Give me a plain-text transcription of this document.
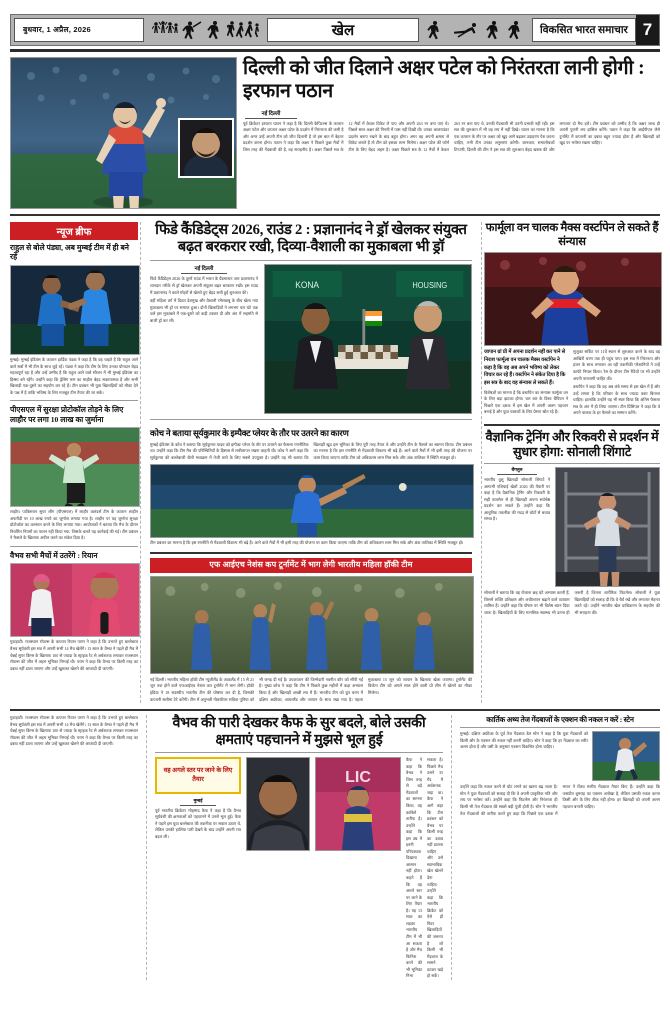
बुधवार, 1 अप्रैल, 2026	खेल	विकसित भारत समाचार 7
दिल्ली को जीत दिलाने अक्षर पटेल को निरंतरता लानी होगी : इरफान पठान
नई दिल्ली
पूर्व क्रिकेटर इरफान पठान ने कहा है कि दिल्ली कैपिटल्स के कप्तान अक्षर पटेल और कप्तान अक्षर पटेल के प्रदर्शन में निरंतरता की कमी है और अगर उन्हें अपनी टीम को जीत दिलानी है तो इस बात में बेहतर प्रदर्शन करना होगा। पठान ने कहा कि अक्षर ने पिछले कुछ मैचों में जिस तरह की गेंदबाजी की है, वह सराहनीय है। अक्षर पिछले सत्र के 12 मैचों में केवल विकेट ले पाए और अपनी 263 रन बना पाए थे। पिछले साल अक्षर की गिनती में पास नहीं दिखी थी। उनका आलराउंडर प्रदर्शन बनाए रखने के बाद बहुत होगा। अगर वह अपनी क्षमता से विकेट बनाते हैं तो टीम को इसका लाभ मिलेगा। अक्षर पटेल की फॉर्म टीम के लिए बेहद अहम है। अक्षर पिछले सत्र के 12 मैचों में केवल 263 रन बना पाए थे, उनकी गेंदबाजी भी उतनी प्रभावी नहीं रही। इस सत्र की शुरुआत में भी वह लय में नहीं दिखे। पठान का मानना है कि एक कप्तान के तौर पर अक्षर को खुद आगे बढ़कर उदाहरण पेश करना चाहिए, तभी टीम उनका अनुसरण करेगी। जानकार, समालोचकों टिप्पणी, दिल्ली की टीम ने इस सत्र की शुरुआत बेहद खराब की और लगातार दो मैच हारे। टीम प्रबंधन को उम्मीद है कि अक्षर जल्द ही अपनी पुरानी लय हासिल करेंगे। पठान ने कहा कि आईपीएल जैसे टूर्नामेंट में कप्तानी का दबाव बहुत ज्यादा होता है और खिलाड़ी को खुद पर भरोसा रखना चाहिए।
न्यूज ब्रीफ
राहुल से बोले पंड्या, अब मुम्बई टीम में ही बने रहें
मुम्बई। मुम्बई इंडियंस के कप्तान हार्दिक पंड्या ने कहा है कि वह चाहते हैं कि राहुल आने वाले सत्रों में भी टीम के साथ जुड़े रहें। पंड्या ने कहा कि टीम के लिए उनका योगदान बेहद महत्वपूर्ण रहा है और उन्हें उम्मीद है कि राहुल आने वाले सीजन में भी मुम्बई इंडियंस का हिस्सा बने रहेंगे। उन्होंने कहा कि ड्रेसिंग रूम का माहौल बेहद सकारात्मक है और सभी खिलाड़ी एक-दूसरे का सहयोग कर रहे हैं। टीम प्रबंधन भी युवा खिलाड़ियों को मौका देने के पक्ष में है ताकि भविष्य के लिए मजबूत टीम तैयार की जा सके।
पीएसएल में सुरक्षा प्रोटोकॉल तोड़ने के लिए लाहौर पर लगा 10 लाख का जुर्माना
लाहौर। पाकिस्तान सुपर लीग (पीएसएल) में लाहौर कलंदर्स टीम के कप्तान शाहीन अफरीदी पर 10 लाख रुपये का जुर्माना लगाया गया है। शाहीन पर यह जुर्माना सुरक्षा प्रोटोकॉल का उल्लंघन करने के लिए लगाया गया। आयोजकों ने बताया कि मैच के दौरान निर्धारित नियमों का पालन नहीं किया गया, जिसके चलते यह कार्रवाई की गई। टीम प्रबंधन ने फैसले के खिलाफ अपील करने का संकेत दिया है।
वैभव सभी मैचों में उतरेंगे : रियान
गुवाहाटी। राजस्थान रॉयल्स के कप्तान रियान पराग ने कहा है कि उभरते हुए बल्लेबाज वैभव सूर्यवंशी इस सत्र में अपनी सभी 14 मैच खेलेंगे। 13 साल के वैभव ने पहले ही मैच में चेन्नई सुपर किंग्स के खिलाफ 100 से ज्यादा के स्ट्राइक रेट से अर्धशतक लगाकर राजस्थान रॉयल्स की जीत में अहम भूमिका निभाई थी। पराग ने कहा कि वैभव पर किसी तरह का दबाव नहीं डाला जाएगा और उन्हें खुलकर खेलने की आजादी दी जाएगी।
फिडे कैंडिडेट्स 2026, राउंड 2 : प्रज्ञानानंद ने ड्रॉ खेलकर संयुक्त बढ़त बरकरार रखी, दिव्या-वैशाली का मुकाबला भी ड्रॉ
नई दिल्ली
फिडे कैंडिडेट्स 2026 के दूसरे राउंड में भारत के ग्रैंडमास्टर आर प्रज्ञानानंद ने शानदार तरीके से ड्रॉ खेलकर अपनी संयुक्त बढ़त बरकरार रखी। इस राउंड में प्रज्ञानानंद ने काले मोहरों से खेलते हुए बेहद सधी हुई शुरुआत की।
वहीं महिला वर्ग में दिव्या देशमुख और वैशाली रमेशबाबू के बीच खेला गया मुकाबला भी ड्रॉ पर समाप्त हुआ। दोनों खिलाड़ियों ने लगभग चार घंटे तक चले इस मुकाबले में एक-दूसरे को कड़ी टक्कर दी और अंत में सहमति से बाजी ड्रॉ कर ली।
KONA	HOUSING
कोच ने बताया सूर्यकुमार के इम्पैक्ट प्लेयर के तौर पर उतरने का कारण
मुम्बई इंडियंस के कोच ने बताया कि सूर्यकुमार यादव को इम्पैक्ट प्लेयर के तौर पर उतारने का फैसला रणनीतिक था। उन्होंने कहा कि टीम मैच की परिस्थितियों के हिसाब से लचीलापन रखना चाहती थी। कोच ने आगे कहा कि सूर्यकुमार की बल्लेबाजी शैली मध्यक्रम में तेजी लाने के लिए सबसे उपयुक्त है। उन्होंने यह भी बताया कि खिलाड़ी खुद इस भूमिका के लिए पूरी तरह तैयार थे और उन्होंने टीम के फैसले का स्वागत किया। टीम प्रबंधन का मानना है कि इस रणनीति से गेंदबाजी विकल्प भी बढ़े हैं। आने वाले मैचों में भी इसी तरह की योजना पर काम किया जाएगा ताकि टीम को अधिकतम लाभ मिल सके और अंक तालिका में स्थिति मजबूत हो।
टीम प्रबंधन का मानना है कि इस रणनीति से गेंदबाजी विकल्प भी बढ़े हैं। आने वाले मैचों में भी इसी तरह की योजना पर काम किया जाएगा ताकि टीम को अधिकतम लाभ मिल सके और अंक तालिका में स्थिति मजबूत हो।
एफ आईएच नेशंस कप टूर्नामेंट में भाग लेगी भारतीय महिला हॉकी टीम
नई दिल्ली। भारतीय महिला हॉकी टीम न्यूजीलैंड के आकलैंड में 15 से 21 जून तक होने वाले एफआईएच नेशंस कप टूर्नामेंट में भाग लेगी। हॉकी इंडिया ने 18 सदस्यीय भारतीय टीम की घोषणा कर दी है, जिसकी कप्तानी सलीमा टेटे करेंगी। टीम में अनुभवी गोलकीपर सविता पूनिया को भी जगह दी गई है। उपकप्तान की जिम्मेदारी नवनीत कौर को सौंपी गई है। मुख्य कोच ने कहा कि टीम ने पिछले कुछ महीनों में कड़ा अभ्यास किया है और खिलाड़ी अच्छी लय में हैं। भारतीय टीम को ग्रुप चरण में दक्षिण अफ्रीका, आयरलैंड और जापान के साथ रखा गया है। पहला मुकाबला 15 जून को जापान के खिलाफ खेला जाएगा। टूर्नामेंट की विजेता टीम को अगले साल होने वाली प्रो लीग में खेलने का मौका मिलेगा।
फार्मूला वन चालक मैक्स वर्स्टापेन ले सकते हैं संन्यास
जापान ग्रां प्री में अपना प्रदर्शन नहीं कर पाने से निराश फार्मूला वन चालक मैक्स वर्स्टापेन ने कहा है कि वह अब अपने भविष्य को लेकर विचार कर रहे हैं। वर्स्टापेन ने संकेत दिया है कि इस सत्र के बाद वह संन्यास ले सकते हैं।
विशेषज्ञों का मानना है कि वर्स्टापेन का संन्यास फार्मूला वन के लिए बड़ा झटका होगा। चार बार के विश्व चैंपियन ने पिछले एक दशक में इस खेल में अपनी अलग पहचान बनाई है और युवा चालकों के लिए प्रेरणा स्रोत रहे हैं।
सुजुका सर्किट पर 11वें स्थान से शुरुआत करने के बाद वह आखिरी चरण तक ही पहुंच पाए। इस सत्र में निरंतरता और इंजन के साथ लगातार आ रही तकनीकी परेशानियों ने उन्हें काफी निराश किया। रेस के दौरान टीम रेडियो पर भी उन्होंने अपनी नाराजगी जाहिर की।
वर्स्टापेन ने कहा कि वह अब लंबे समय से इस खेल में हैं और उन्हें लगता है कि परिवार के साथ ज्यादा वक्त बिताना चाहिए। हालांकि उन्होंने यह भी स्पष्ट किया कि अंतिम फैसला सत्र के अंत में ही लिया जाएगा। टीम प्रिंसिपल ने कहा कि वे अपने चालक के हर फैसले का सम्मान करेंगे।
वैज्ञानिक ट्रेनिंग और रिकवरी से प्रदर्शन में सुधार होगा: सोनाली शिंगाटे
बेंगलुरु
भारतीय वुशू खिलाड़ी सोनाली शिंगाटे ने आगामी एशियाई खेलों 2026 की तैयारी पर कहा है कि वैज्ञानिक ट्रेनिंग और रिकवरी के सही तालमेल से ही खिलाड़ी अपना सर्वश्रेष्ठ प्रदर्शन कर सकते हैं। उन्होंने कहा कि आधुनिक तकनीक की मदद से चोटों से बचाव संभव है।
सोनाली ने बताया कि वह रोजाना छह घंटे अभ्यास करती हैं, जिसमें शक्ति प्रशिक्षण और लचीलापन बढ़ाने वाले व्यायाम शामिल हैं। उन्होंने कहा कि पोषण पर भी विशेष ध्यान दिया जाता है। खिलाड़ियों के लिए मानसिक स्वास्थ्य भी उतना ही जरूरी है जितना शारीरिक फिटनेस। सोनाली ने युवा खिलाड़ियों को सलाह दी कि वे धैर्य रखें और लगातार मेहनत करते रहें। उन्होंने भारतीय खेल प्राधिकरण के सहयोग की भी सराहना की।
गुवाहाटी। राजस्थान रॉयल्स के कप्तान रियान पराग ने कहा है कि उभरते हुए बल्लेबाज वैभव सूर्यवंशी इस सत्र में अपनी सभी 14 मैच खेलेंगे। 13 साल के वैभव ने पहले ही मैच में चेन्नई सुपर किंग्स के खिलाफ 100 से ज्यादा के स्ट्राइक रेट से अर्धशतक लगाकर राजस्थान रॉयल्स की जीत में अहम भूमिका निभाई थी। पराग ने कहा कि वैभव पर किसी तरह का दबाव नहीं डाला जाएगा और उन्हें खुलकर खेलने की आजादी दी जाएगी।
वैभव की पारी देखकर कैफ के सुर बदले, बोले उसकी क्षमताएं पहचानने में मुझसे भूल हुई
वह अगले स्तर पर जाने के लिए तैयार
मुम्बई
पूर्व भारतीय क्रिकेटर मोहम्मद कैफ ने कहा है कि वैभव सूर्यवंशी की क्षमताओं को पहचानने में उनसे भूल हुई। कैफ ने पहले इस युवा बल्लेबाज की तकनीक पर सवाल उठाए थे, लेकिन उनकी हालिया पारी देखने के बाद उन्होंने अपनी राय बदल ली।
LIC
कैफ ने कहा कि वैभव ने जिस तरह से बड़े गेंदबाजों का सामना किया, वह काबिले तारीफ है। उन्होंने कहा कि इस उम्र में इतनी परिपक्वता दिखाना आसान नहीं होता। कहते हैं कि वह अगले स्तर पर जाने के लिए तैयार है। यह 13 साल का लड़का भारतीय टीम में भी आ सकता है और मैच फिनिश करने की भी भूमिका निभा सकता है। पिछले मैच उसने 35 गेंद में अर्धशतक जड़ा था। कैफ ने आगे कहा कि टीम प्रबंधन को वैभव पर किसी तरह का दबाव नहीं डालना चाहिए और उसे स्वाभाविक खेल खेलने देना चाहिए। उन्होंने कहा कि भारतीय क्रिकेट को ऐसे ही निडर खिलाड़ियों की जरूरत है जो किसी भी गेंदबाज के सामने डटकर खड़े हो सकें।
कार्तिक अथ्य तेज गेंदबाजों के एक्शन की नकल न करें : स्टेन
मुम्बई। दक्षिण अफ्रीका के पूर्व तेज गेंदबाज डेल स्टेन ने कहा है कि युवा गेंदबाजों को किसी और के एक्शन की नकल नहीं करनी चाहिए। स्टेन ने कहा कि हर गेंदबाज का शरीर अलग होता है और उसी के अनुसार एक्शन विकसित होना चाहिए।
उन्होंने कहा कि नकल करने से चोट लगने का खतरा बढ़ जाता है। स्टेन ने युवा गेंदबाजों को सलाह दी कि वे अपनी प्राकृतिक गति और लय पर भरोसा करें। उन्होंने कहा कि फिटनेस और निरंतरता ही किसी भी तेज गेंदबाज की सबसे बड़ी पूंजी होती है। स्टेन ने भारतीय तेज गेंदबाजों की तारीफ करते हुए कहा कि पिछले एक दशक में भारत ने विश्व स्तरीय गेंदबाज तैयार किए हैं। उन्होंने कहा कि जसप्रीत बुमराह का एक्शन अनोखा है, लेकिन उसकी नकल करना किसी और के लिए ठीक नहीं होगा। हर खिलाड़ी को अपनी अलग पहचान बनानी चाहिए।
